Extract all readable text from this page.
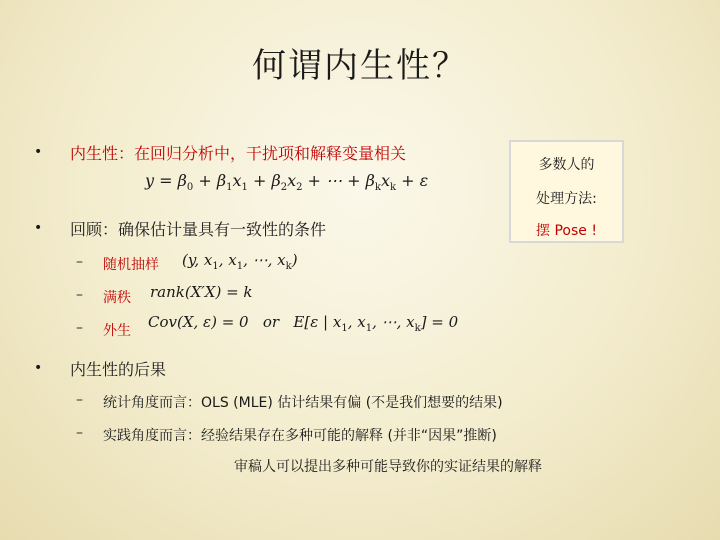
何谓内生性？
• 内生性：在回归分析中，干扰项和解释变量相关
$y = \beta_0 + \beta_1x_1 + \beta_2x_2$ + ⋯ + $\beta_kx_k + \varepsilon$
多数人的
处理方法:
摆 Pose !
• 回顾：确保估计量具有一致性的条件
– 随机抽样 (y, $x_1$, $x_1$, ⋯, $x_k$)
– 满秩 rank(X′X) = k
– 外生 Cov(X, ε) = 0   or   E[ε | $x_1$, $x_1$, ⋯, $x_k] = 0$
• 内生性的后果
– 统计角度而言：OLS (MLE) 估计结果有偏 (不是我们想要的结果)
– 实践角度而言：经验结果存在多种可能的解释 (并非“因果”推断)
审稿人可以提出多种可能导致你的实证结果的解释
